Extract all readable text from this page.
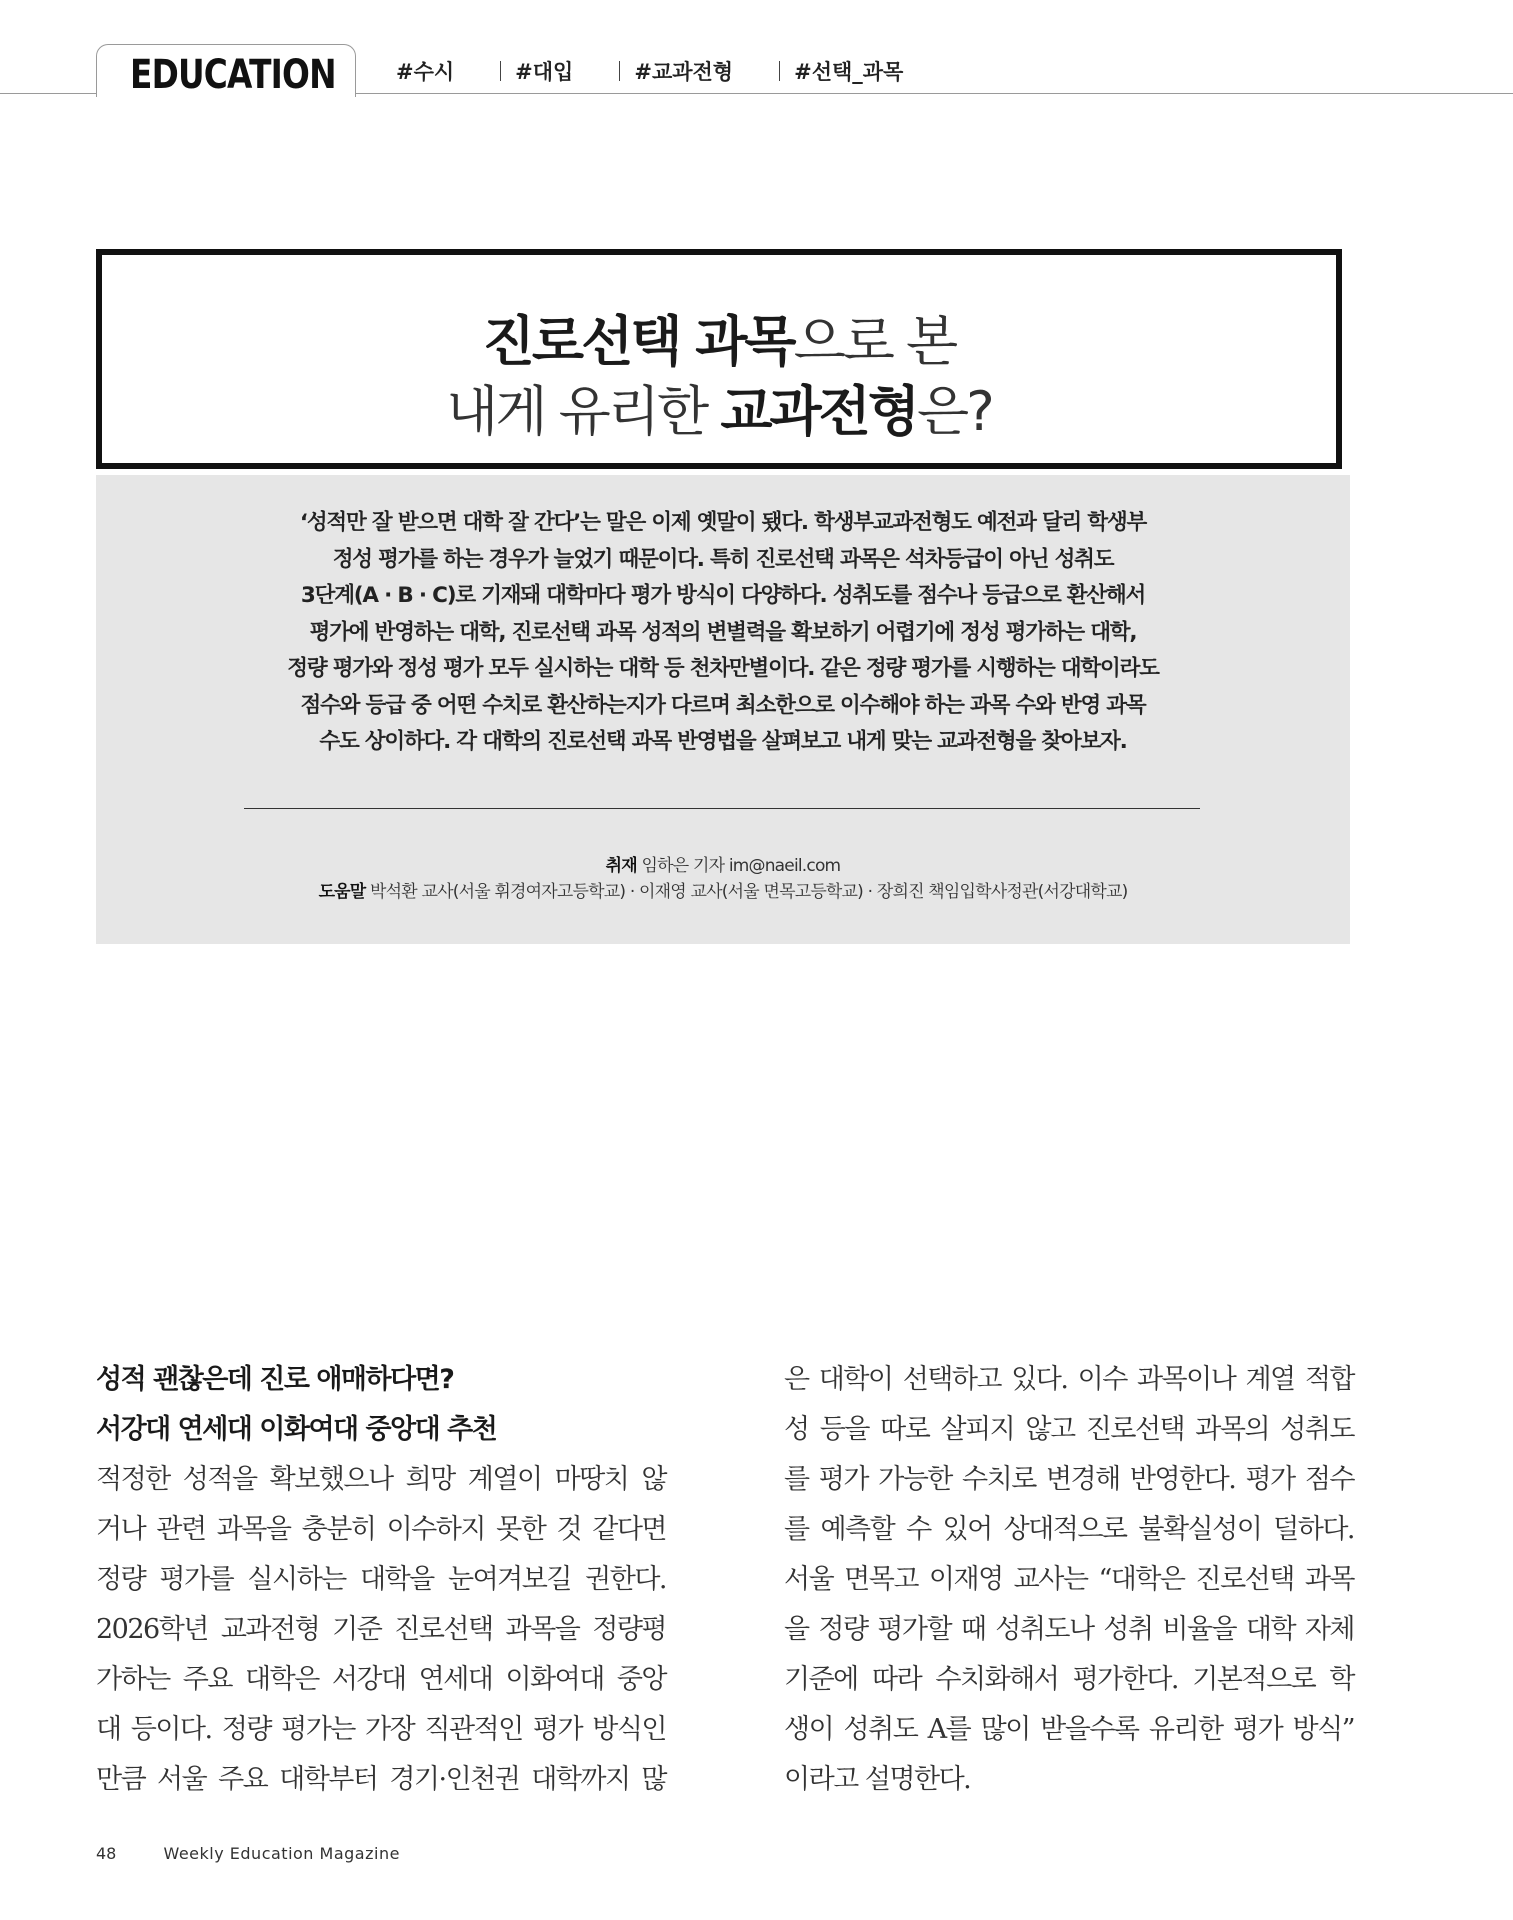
EDUCATION	#수시	#대입	#교과전형	#선택_과목
진로선택 과목으로 본
내게 유리한 교과전형은?
‘성적만 잘 받으면 대학 잘 간다’는 말은 이제 옛말이 됐다. 학생부교과전형도 예전과 달리 학생부
정성 평가를 하는 경우가 늘었기 때문이다. 특히 진로선택 과목은 석차등급이 아닌 성취도
3단계(A · B · C)로 기재돼 대학마다 평가 방식이 다양하다. 성취도를 점수나 등급으로 환산해서
평가에 반영하는 대학, 진로선택 과목 성적의 변별력을 확보하기 어렵기에 정성 평가하는 대학,
정량 평가와 정성 평가 모두 실시하는 대학 등 천차만별이다. 같은 정량 평가를 시행하는 대학이라도
점수와 등급 중 어떤 수치로 환산하는지가 다르며 최소한으로 이수해야 하는 과목 수와 반영 과목
수도 상이하다. 각 대학의 진로선택 과목 반영법을 살펴보고 내게 맞는 교과전형을 찾아보자.
취재 임하은 기자 im@naeil.com
도움말 박석환 교사(서울 휘경여자고등학교) · 이재영 교사(서울 면목고등학교) · 장희진 책임입학사정관(서강대학교)
성적 괜찮은데 진로 애매하다면?
서강대 연세대 이화여대 중앙대 추천
적정한 성적을 확보했으나 희망 계열이 마땅치 않
거나 관련 과목을 충분히 이수하지 못한 것 같다면
정량 평가를 실시하는 대학을 눈여겨보길 권한다.
2026학년 교과전형 기준 진로선택 과목을 정량평
가하는 주요 대학은 서강대 연세대 이화여대 중앙
대 등이다. 정량 평가는 가장 직관적인 평가 방식인
만큼 서울 주요 대학부터 경기·인천권 대학까지 많
은 대학이 선택하고 있다. 이수 과목이나 계열 적합
성 등을 따로 살피지 않고 진로선택 과목의 성취도
를 평가 가능한 수치로 변경해 반영한다. 평가 점수
를 예측할 수 있어 상대적으로 불확실성이 덜하다.
서울 면목고 이재영 교사는 “대학은 진로선택 과목
을 정량 평가할 때 성취도나 성취 비율을 대학 자체
기준에 따라 수치화해서 평가한다. 기본적으로 학
생이 성취도 A를 많이 받을수록 유리한 평가 방식”
이라고 설명한다.
48	Weekly Education Magazine
